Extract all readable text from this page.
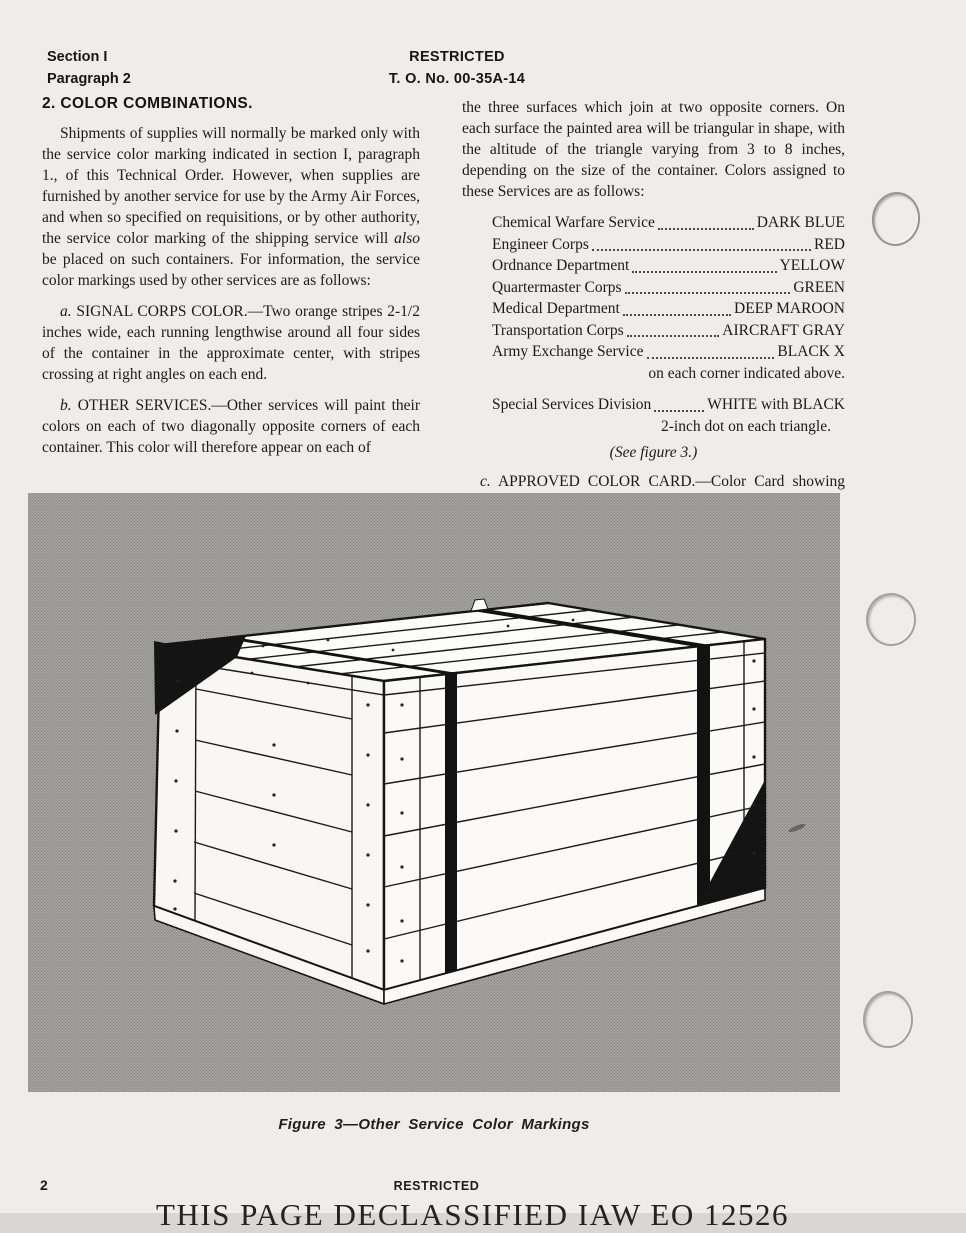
Section I
Paragraph 2
RESTRICTED
T. O. No. 00-35A-14
2. COLOR COMBINATIONS.

Shipments of supplies will normally be marked only with the service color marking indicated in section I, paragraph 1., of this Technical Order. However, when supplies are furnished by another service for use by the Army Air Forces, and when so specified on requisitions, or by other authority, the service color marking of the shipping service will also be placed on such containers. For information, the service color markings used by other services are as follows:

a. SIGNAL CORPS COLOR.—Two orange stripes 2-1/2 inches wide, each running lengthwise around all four sides of the container in the approximate center, with stripes crossing at right angles on each end.

b. OTHER SERVICES.—Other services will paint their colors on each of two diagonally opposite corners of each container. This color will therefore appear on each of

the three surfaces which join at two opposite corners. On each surface the painted area will be triangular in shape, with the altitude of the triangle varying from 3 to 8 inches, depending on the size of the container. Colors assigned to these Services are as follows:

Chemical Warfare Service	DARK BLUE
Engineer Corps	RED
Ordnance Department	YELLOW
Quartermaster Corps	GREEN
Medical Department	DEEP MAROON
Transportation Corps	AIRCRAFT GRAY
Army Exchange Service	BLACK X
on each corner indicated above.
Special Services Division	WHITE with BLACK
2-inch dot on each triangle.
(See figure 3.)

c. APPROVED COLOR CARD.—Color Card showing

Figure 3—Other Service Color Markings
2	RESTRICTED
THIS PAGE DECLASSIFIED IAW EO 12526
